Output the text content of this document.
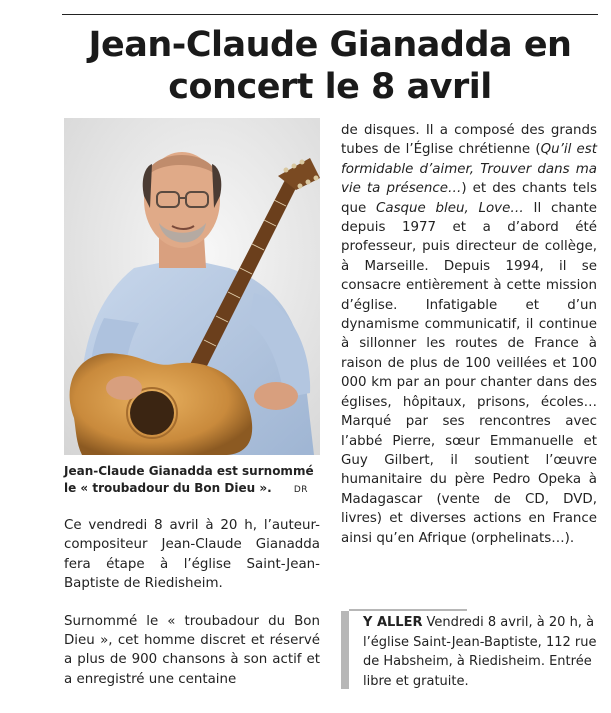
Jean-Claude Gianadda en concert le 8 avril
Jean-Claude Gianadda est surnommé le « troubadour du Bon Dieu ». DR

Ce vendredi 8 avril à 20 h, l’auteur-compositeur Jean-Claude Gianadda fera étape à l’église Saint-Jean-Baptiste de Riedisheim.

Surnommé le « troubadour du Bon Dieu », cet homme discret et réservé a plus de 900 chansons à son actif et a enregistré une centaine

de disques. Il a composé des grands tubes de l’Église chrétienne (Qu’il est formidable d’aimer, Trouver dans ma vie ta présence…) et des chants tels que Casque bleu, Love… Il chante depuis 1977 et a d’abord été professeur, puis directeur de collège, à Marseille. Depuis 1994, il se consacre entièrement à cette mission d’église. Infatigable et d’un dynamisme communicatif, il continue à sillonner les routes de France à raison de plus de 100 veillées et 100 000 km par an pour chanter dans des églises, hôpitaux, prisons, écoles… Marqué par ses rencontres avec l’abbé Pierre, sœur Emmanuelle et Guy Gilbert, il soutient l’œuvre humanitaire du père Pedro Opeka à Madagascar (vente de CD, DVD, livres) et diverses actions en France ainsi qu’en Afrique (orphelinats…).

Y ALLER Vendredi 8 avril, à 20 h, à l’église Saint-Jean-Baptiste, 112 rue de Habsheim, à Riedisheim. Entrée libre et gratuite.
